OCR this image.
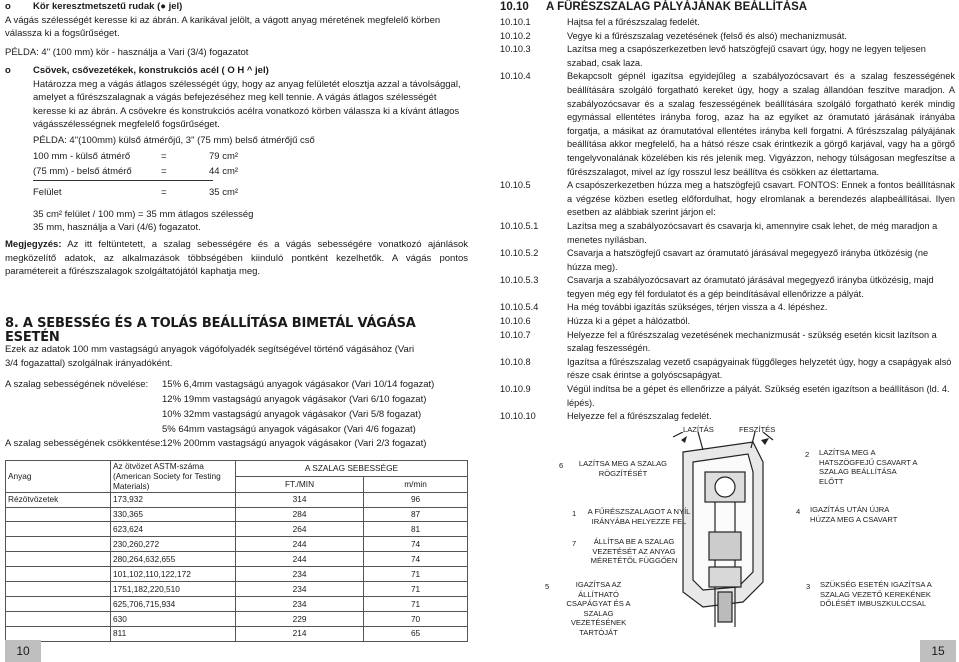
o Kör keresztmetszetű rudak (● jel)
A vágás szélességét keresse ki az ábrán. A karikával jelölt, a vágott anyag méretének megfelelő körben válassza ki a fogsűrűséget.
PÉLDA: 4" (100 mm) kör - használja a Vari (3/4) fogazatot
o Csövek, csővezetékek, konstrukciós acél ( O H ^ jel)
Határozza meg a vágás átlagos szélességét úgy, hogy az anyag felületét elosztja azzal a távolsággal, amelyet a fűrészszalagnak a vágás befejezéséhez meg kell tennie. A vágás átlagos szélességét keresse ki az ábrán. A csövekre és konstrukciós acélra vonatkozó körben válassza ki a kívánt átlagos vágásszélességnek megfelelő fogsűrűséget.
PÉLDA: 4"(100mm) külső átmérőjű, 3" (75 mm) belső átmérőjű cső
100 mm - külső átmérő	=	79 cm²
(75 mm) - belső átmérő	=	44 cm²
Felület	=	35 cm²
35 cm² felület / 100 mm) = 35 mm átlagos szélesség
35 mm, használja a Vari (4/6) fogazatot.
Megjegyzés: Az itt feltüntetett, a szalag sebességére és a vágás sebességére vonatkozó ajánlások megközelítő adatok, az alkalmazások többségében kiinduló pontként kezelhetők. A vágás pontos paramétereit a fűrészszalagok szolgáltatójától kaphatja meg.
8. A SEBESSÉG ÉS A TOLÁS BEÁLLÍTÁSA BIMETÁL VÁGÁSA ESETÉN
Ezek az adatok 100 mm vastagságú anyagok vágófolyadék segítségével történő vágásához (Vari 3/4 fogazattal) szolgálnak irányadóként.
A szalag sebességének növelése: 15% 6,4mm vastagságú anyagok vágásakor (Vari 10/14 fogazat)
12% 19mm vastagságú anyagok vágásakor (Vari 6/10 fogazat)
10% 32mm vastagságú anyagok vágásakor (Vari 5/8 fogazat)
5% 64mm vastagságú anyagok vágásakor (Vari 4/6 fogazat)
A szalag sebességének csökkentése: 12% 200mm vastagságú anyagok vágásakor (Vari 2/3 fogazat)
Anyag	Az ötvözet ASTM-száma (American Society for Testing Materials)	A SZALAG SEBESSÉGE	
		FT./MIN	m/min
Rézötvözetek	173,932	314	96
	330,365	284	87
	623,624	264	81
	230,260,272	244	74
	280,264,632,655	244	74
	101,102,110,122,172	234	71
	1751,182,220,510	234	71
	625,706,715,934	234	71
	630	229	70
	811	214	65
10
10.10 A FŰRÉSZSZALAG PÁLYÁJÁNAK BEÁLLÍTÁSA
10.10.1	Hajtsa fel a fűrészszalag fedelét.
10.10.2	Vegye ki a fűrészszalag vezetésének (felső és alsó) mechanizmusát.
10.10.3	Lazítsa meg a csapószerkezetben levő hatszögfejű csavart úgy, hogy ne legyen teljesen szabad, csak laza.
10.10.4	Bekapcsolt gépnél igazítsa egyidejűleg a szabályozócsavart és a szalag feszességének beállítására szolgáló forgatható kereket úgy, hogy a szalag állandóan feszítve maradjon. A szabályozócsavar és a szalag feszességének beállítására szolgáló forgatható kerék mindig egymással ellentétes irányba forog, azaz ha az egyiket az óramutató járásának irányába forgatja, a másikat az óramutatóval ellentétes irányba kell forgatni. A fűrészszalag pályájának beállítása akkor megfelelő, ha a hátsó része csak érintkezik a görgő karjával, vagy ha a görgő tengelyvonalának közelében kis rés jelenik meg. Vigyázzon, nehogy túlságosan megfeszítse a fűrészszalagot, mivel az így rosszul lesz beállítva és csökken az élettartama.
10.10.5	A csapószerkezetben húzza meg a hatszögfejű csavart. FONTOS: Ennek a fontos beállításnak a végzése közben esetleg előfordulhat, hogy elromlanak a berendezés alapbeállításai. Ilyen esetben az alábbiak szerint járjon el:
10.10.5.1	Lazítsa meg a szabályozócsavart és csavarja ki, amennyire csak lehet, de még maradjon a menetes nyílásban.
10.10.5.2	Csavarja a hatszögfejű csavart az óramutató járásával megegyező irányba ütközésig (ne húzza meg).
10.10.5.3	Csavarja a szabályozócsavart az óramutató járásával megegyező irányba ütközésig, majd tegyen még egy fél fordulatot és a gép beindításával ellenőrizze a pályát.
10.10.5.4	Ha még további igazítás szükséges, térjen vissza a 4. lépéshez.
10.10.6	Húzza ki a gépet a hálózatból.
10.10.7	Helyezze fel a fűrészszalag vezetésének mechanizmusát - szükség esetén kicsit lazítson a szalag feszességén.
10.10.8	Igazítsa a fűrészszalag vezető csapágyainak függőleges helyzetét úgy, hogy a csapágyak alsó része csak érintse a golyóscsapágyat.
10.10.9	Végül indítsa be a gépet és ellenőrizze a pályát. Szükség esetén igazítson a beállításon (ld. 4. lépés).
10.10.10	Helyezze fel a fűrészszalag fedelét.
LAZÍTÁS	FESZÍTÉS
6	LAZÍTSA MEG A SZALAG RÖGZÍTÉSÉT
2 LAZÍTSA MEG A HATSZÖGFEJŰ CSAVART A SZALAG BEÁLLÍTÁSA ELŐTT
1	A FŰRÉSZSZALAGOT A NYÍL IRÁNYÁBA HELYEZZE FEL
4 IGAZÍTÁS UTÁN ÚJRA HÚZZA MEG A CSAVART
7	ÁLLÍTSA BE A SZALAG VEZETÉSÉT AZ ANYAG MÉRETÉTŐL FÜGGŐEN
5	IGAZÍTSA AZ ÁLLÍTHATÓ CSAPÁGYAT ÉS A SZALAG VEZETÉSÉNEK TARTÓJÁT
3 SZÜKSÉG ESETÉN IGAZÍTSA A SZALAG VEZETŐ KEREKÉNEK DŐLÉSÉT IMBUSZKULCCSAL
15
